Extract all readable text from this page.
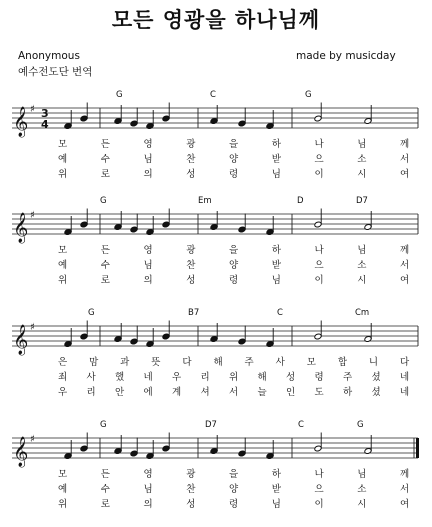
모든 영광을 하나님께
Anonymous
예수전도단 번역
made by musicday
G	C	G
𝄞 ♯ 3
4
모	든	영	광	을	하	나	님	께
예	수	님	찬	양	받	으	소	서
위	로	의	성	령	님	이	시	여
G	Em	D	D7
𝄞 ♯
모	든	영	광	을	하	나	님	께
예	수	님	찬	양	받	으	소	서
위	로	의	성	령	님	이	시	여
G	B7	C	Cm
𝄞 ♯
은 맘 과 뜻 다 해 주 사 모 합 니 다
죄 사 했 네 우 리 위 해 성 령 주 셨 네
우 리 안 에 계 셔 서 늘 인 도 하 셨 네
G	D7	C	G
𝄞 ♯
모	든	영	광	을	하	나	님	께
예	수	님	찬	양	받	으	소	서
위	로	의	성	령	님	이	시	여
